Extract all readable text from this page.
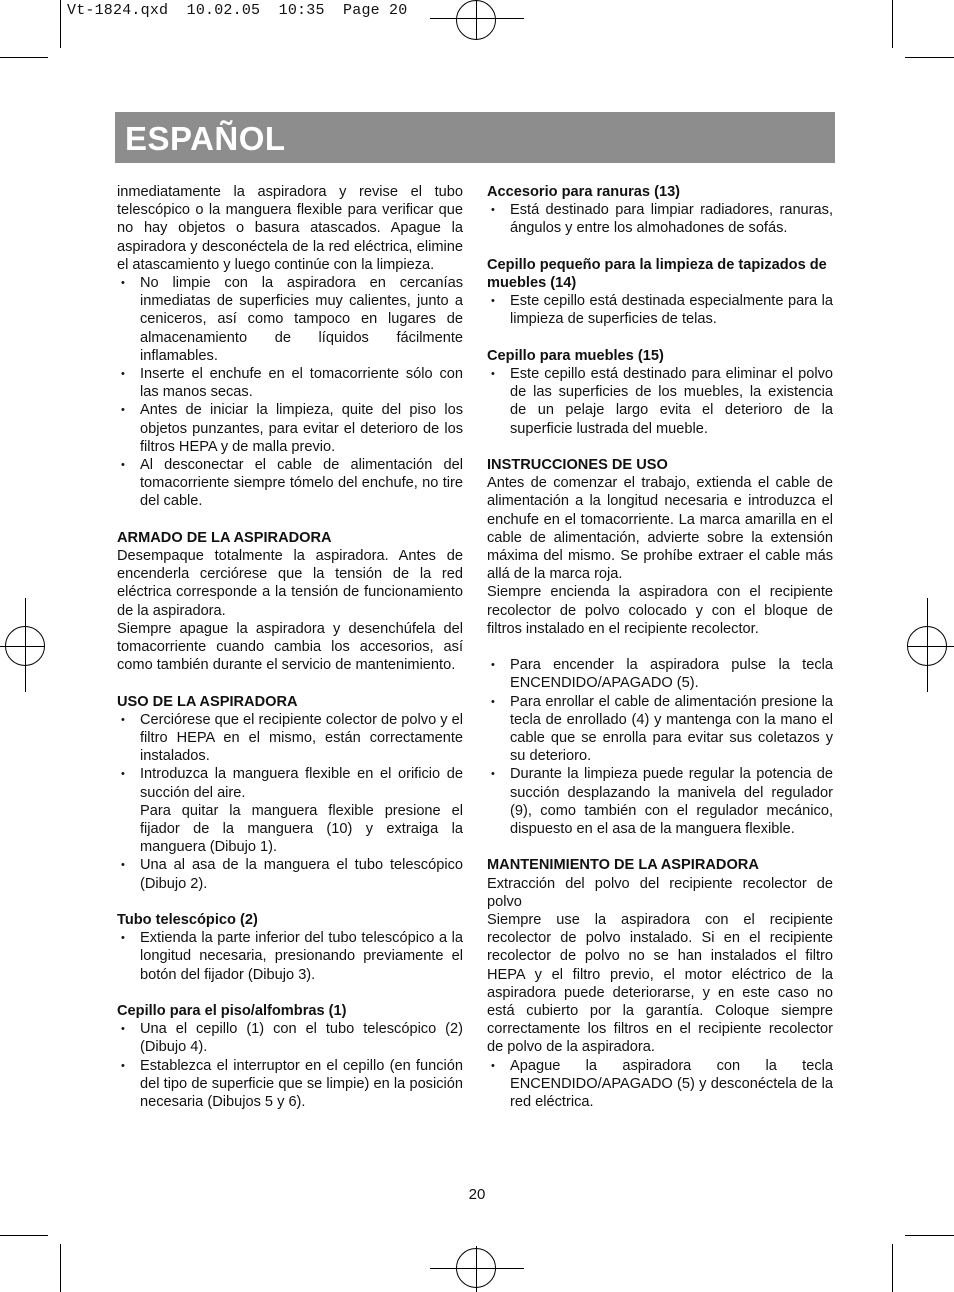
Vt-1824.qxd  10.02.05  10:35  Page 20
ESPAÑOL

inmediatamente la aspiradora y revise el tubo telescópico o la manguera flexible para verificar que no hay objetos o basura atascados. Apague la aspiradora y desconéctela de la red eléctrica, elimine el atascamiento y luego continúe con la limpieza.

• No limpie con la aspiradora en cercanías inmediatas de superficies muy calientes, junto a ceniceros, así como tampoco en lugares de almacenamiento de líquidos fácilmente inflamables.
• Inserte el enchufe en el tomacorriente sólo con las manos secas.
• Antes de iniciar la limpieza, quite del piso los objetos punzantes, para evitar el deterioro de los filtros HEPA y de malla previo.
• Al desconectar el cable de alimentación del tomacorriente siempre tómelo del enchufe, no tire del cable.
ARMADO DE LA ASPIRADORA

Desempaque totalmente la aspiradora. Antes de encenderla cerciórese que la tensión de la red eléctrica corresponde a la tensión de funcionamiento de la aspiradora.

Siempre apague la aspiradora y desenchúfela del tomacorriente cuando cambia los accesorios, así como también durante el servicio de mantenimiento.

USO DE LA ASPIRADORA
• Cerciórese que el recipiente colector de polvo y el filtro HEPA en el mismo, están correctamente instalados.
• Introduzca la manguera flexible en el orificio de succión del aire.
Para quitar la manguera flexible presione el fijador de la manguera (10) y extraiga la manguera (Dibujo 1).
• Una al asa de la manguera el tubo telescópico (Dibujo 2).
Tubo telescópico (2)
• Extienda la parte inferior del tubo telescópico a la longitud necesaria, presionando previamente el botón del fijador (Dibujo 3).
Cepillo para el piso/alfombras (1)
• Una el cepillo (1) con el tubo telescópico (2) (Dibujo 4).
• Establezca el interruptor en el cepillo (en función del tipo de superficie que se limpie) en la posición necesaria (Dibujos 5 y 6).
Accesorio para ranuras (13)
• Está destinado para limpiar radiadores, ranuras, ángulos y entre los almohadones de sofás.
Cepillo pequeño para la limpieza de tapizados de muebles (14)
• Este cepillo está destinada especialmente para la limpieza de superficies de telas.
Cepillo para muebles (15)
• Este cepillo está destinado para eliminar el polvo de las superficies de los muebles, la existencia de un pelaje largo evita el deterioro de la superficie lustrada del mueble.
INSTRUCCIONES DE USO

Antes de comenzar el trabajo, extienda el cable de alimentación a la longitud necesaria e introduzca el enchufe en el tomacorriente. La marca amarilla en el cable de alimentación, advierte sobre la extensión máxima del mismo. Se prohíbe extraer el cable más allá de la marca roja.

Siempre encienda la aspiradora con el recipiente recolector de polvo colocado y con el bloque de filtros instalado en el recipiente recolector.

• Para encender la aspiradora pulse la tecla ENCENDIDO/APAGADO (5).
• Para enrollar el cable de alimentación presione la tecla de enrollado (4) y mantenga con la mano el cable que se enrolla para evitar sus coletazos y su deterioro.
• Durante la limpieza puede regular la potencia de succión desplazando la manivela del regulador (9), como también con el regulador mecánico, dispuesto en el asa de la manguera flexible.
MANTENIMIENTO DE LA ASPIRADORA

Extracción del polvo del recipiente recolector de polvo

Siempre use la aspiradora con el recipiente recolector de polvo instalado. Si en el recipiente recolector de polvo no se han instalados el filtro HEPA y el filtro previo, el motor eléctrico de la aspiradora puede deteriorarse, y en este caso no está cubierto por la garantía. Coloque siempre correctamente los filtros en el recipiente recolector de polvo de la aspiradora.

• Apague la aspiradora con la tecla ENCENDIDO/APAGADO (5) y desconéctela de la red eléctrica.
20
